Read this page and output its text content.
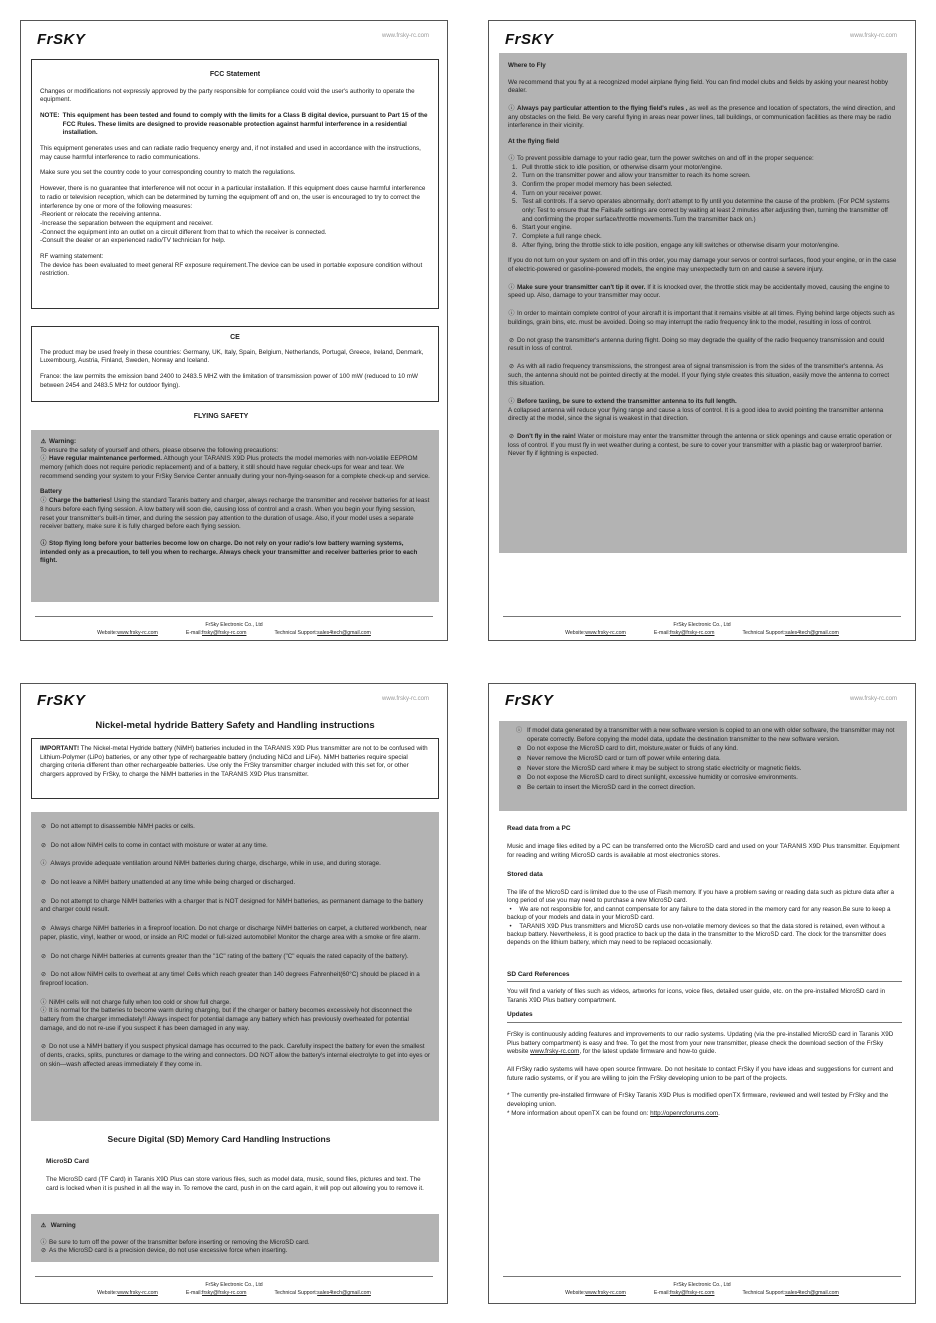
FrSKY	www.frsky-rc.com
FCC Statement

Changes or modifications not expressly approved by the party responsible for compliance could void the user's authority to operate the equipment.

NOTE: This equipment has been tested and found to comply with the limits for a Class B digital device, pursuant to Part 15 of the FCC Rules. These limits are designed to provide reasonable protection against harmful interference in a residential installation.

This equipment generates uses and can radiate radio frequency energy and, if not installed and used in accordance with the instructions, may cause harmful interference to radio communications.

Make sure you set the country code to your corresponding country to match the regulations.

However, there is no guarantee that interference will not occur in a particular installation. If this equipment does cause harmful interference to radio or television reception, which can be determined by turning the equipment off and on, the user is encouraged to try to correct the interference by one or more of the following measures:
-Reorient or relocate the receiving antenna.
-Increase the separation between the equipment and receiver.
-Connect the equipment into an outlet on a circuit different from that to which the receiver is connected.
-Consult the dealer or an experienced radio/TV technician for help.

RF warning statement:
The device has been evaluated to meet general RF exposure requirement.The device can be used in portable exposure condition without restriction.

CE

The product may be used freely in these countries: Germany, UK, Italy, Spain, Belgium, Netherlands, Portugal, Greece, Ireland, Denmark, Luxembourg, Austria, Finland, Sweden, Norway and Iceland.

France: the law permits the emission band 2400 to 2483.5 MHZ with the limitation of transmission power of 100 mW (reduced to 10 mW between 2454 and 2483.5 MHz for outdoor flying).

FLYING SAFETY
⚠ Warning:
To ensure the safety of yourself and others, please observe the following precautions:

ⓘ Have regular maintenance performed. Although your TARANIS X9D Plus protects the model memories with non-volatile EEPROM memory (which does not require periodic replacement) and of a battery, it still should have regular check-ups for wear and tear. We recommend sending your system to your FrSky Service Center annually during your non-flying-season for a complete check-up and service.

Battery

ⓘ Charge the batteries! Using the standard Taranis battery and charger, always recharge the transmitter and receiver batteries for at least 8 hours before each flying session. A low battery will soon die, causing loss of control and a crash. When you begin your flying session, reset your transmitter's built-in timer, and during the session pay attention to the duration of usage. Also, if your model uses a separate receiver battery, make sure it is fully charged before each flying session.

ⓘ Stop flying long before your batteries become low on charge. Do not rely on your radio's low battery warning systems, intended only as a precaution, to tell you when to recharge. Always check your transmitter and receiver batteries prior to each flight.

FrSky Electronic Co., Ltd
Website:www.frsky-rc.com	E-mail:frsky@frsky-rc.com	Technical Support:sales4tech@gmail.com
FrSKY	www.frsky-rc.com
Where to Fly

We recommend that you fly at a recognized model airplane flying field. You can find model clubs and fields by asking your nearest hobby dealer.

ⓘ Always pay particular attention to the flying field's rules , as well as the presence and location of spectators, the wind direction, and any obstacles on the field. Be very careful flying in areas near power lines, tall buildings, or communication facilities as there may be radio interference in their vicinity.

At the flying field
ⓘ To prevent possible damage to your radio gear, turn the power switches on and off in the proper sequence:
1. Pull throttle stick to idle position, or otherwise disarm your motor/engine.
2. Turn on the transmitter power and allow your transmitter to reach its home screen.
3. Confirm the proper model memory has been selected.
4. Turn on your receiver power.
5. Test all controls. If a servo operates abnormally, don't attempt to fly until you determine the cause of the problem. (For PCM systems only: Test to ensure that the Failsafe settings are correct by waiting at least 2 minutes after adjusting then, turning the transmitter off and confirming the proper surface/throttle movements.Turn the transmitter back on.)
6. Start your engine.
7. Complete a full range check.
8. After flying, bring the throttle stick to idle position, engage any kill switches or otherwise disarm your motor/engine.

If you do not turn on your system on and off in this order, you may damage your servos or control surfaces, flood your engine, or in the case of electric-powered or gasoline-powered models, the engine may unexpectedly turn on and cause a severe injury.

ⓘ Make sure your transmitter can't tip it over. If it is knocked over, the throttle stick may be accidentally moved, causing the engine to speed up. Also, damage to your transmitter may occur.

ⓘ In order to maintain complete control of your aircraft it is important that it remains visible at all times. Flying behind large objects such as buildings, grain bins, etc. must be avoided. Doing so may interrupt the radio frequency link to the model, resulting in loss of control.

⊘ Do not grasp the transmitter's antenna during flight. Doing so may degrade the quality of the radio frequency transmission and could result in loss of control.

⊘ As with all radio frequency transmissions, the strongest area of signal transmission is from the sides of the transmitter's antenna. As such, the antenna should not be pointed directly at the model. If your flying style creates this situation, easily move the antenna to correct this situation.

ⓘ Before taxiing, be sure to extend the transmitter antenna to its full length.
A collapsed antenna will reduce your flying range and cause a loss of control. It is a good idea to avoid pointing the transmitter antenna directly at the model, since the signal is weakest in that direction.

⊘ Don't fly in the rain! Water or moisture may enter the transmitter through the antenna or stick openings and cause erratic operation or loss of control. If you must fly in wet weather during a contest, be sure to cover your transmitter with a plastic bag or waterproof barrier. Never fly if lightning is expected.

FrSky Electronic Co., Ltd
Website:www.frsky-rc.com	E-mail:frsky@frsky-rc.com	Technical Support:sales4tech@gmail.com
FrSKY	www.frsky-rc.com
Nickel-metal hydride Battery Safety and Handling instructions
IMPORTANT! The Nickel-metal Hydride battery (NiMH) batteries included in the TARANIS X9D Plus transmitter are not to be confused with Lithium-Polymer (LiPo) batteries, or any other type of rechargeable battery (including NiCd and LiFe). NiMH batteries require special charging criteria different than other rechargeable batteries. Use only the FrSky transmitter charger included with this set for, or other chargers approved by FrSky, to charge the NiMH batteries in the TARANIS X9D Plus transmitter.

⊘ Do not attempt to disassemble NiMH packs or cells.

⊘ Do not allow NiMH cells to come in contact with moisture or water at any time.

ⓘ Always provide adequate ventilation around NiMH batteries during charge, discharge, while in use, and during storage.

⊘ Do not leave a NiMH battery unattended at any time while being charged or discharged.

⊘ Do not attempt to charge NiMH batteries with a charger that is NOT designed for NiMH batteries, as permanent damage to the battery and charger could result.

⊘ Always charge NiMH batteries in a fireproof location. Do not charge or discharge NiMH batteries on carpet, a cluttered workbench, near paper, plastic, vinyl, leather or wood, or inside an R/C model or full-sized automobile! Monitor the charge area with a smoke or fire alarm.

⊘ Do not charge NiMH batteries at currents greater than the "1C" rating of the battery ("C" equals the rated capacity of the battery).

⊘ Do not allow NiMH cells to overheat at any time! Cells which reach greater than 140 degrees Fahrenheit(60°C) should be placed in a fireproof location.

ⓘ NiMH cells will not charge fully when too cold or show full charge.

ⓘ It is normal for the batteries to become warm during charging, but if the charger or battery becomes excessively hot disconnect the battery from the charger immediately!! Always inspect for potential damage any battery which has previously overheated for potential damage, and do not re-use if you suspect it has been damaged in any way.

⊘ Do not use a NiMH battery if you suspect physical damage has occurred to the pack. Carefully inspect the battery for even the smallest of dents, cracks, splits, punctures or damage to the wiring and connectors. DO NOT allow the battery's internal electrolyte to get into eyes or on skin—wash affected areas immediately if they come in.

Secure Digital (SD) Memory Card Handling Instructions
MicroSD Card
The MicroSD card (TF Card) in Taranis X9D Plus can store various files, such as model data, music, sound files, pictures and text. The card is locked when it is pushed in all the way in. To remove the card, push in on the card again, it will pop out allowing you to remove it.
⚠ Warning
ⓘ Be sure to turn off the power of the transmitter before inserting or removing the MicroSD card.
⊘ As the MicroSD card is a precision device, do not use excessive force when inserting.
FrSky Electronic Co., Ltd
Website:www.frsky-rc.com	E-mail:frsky@frsky-rc.com	Technical Support:sales4tech@gmail.com
FrSKY	www.frsky-rc.com
ⓘ If model data generated by a transmitter with a new software version is copied to an one with older software, the transmitter may not operate correctly. Before copying the model data, update the destination transmitter to the new software version.
⊘ Do not expose the MicroSD card to dirt, moisture,water or fluids of any kind.
⊘ Never remove the MicroSD card or turn off power while entering data.
⊘ Never store the MicroSD card where it may be subject to strong static electricity or magnetic fields.
⊘ Do not expose the MicroSD card to direct sunlight, excessive humidity or corrosive environments.
⊘ Be certain to insert the MicroSD card in the correct direction.
Read data from a PC
Music and image files edited by a PC can be transferred onto the MicroSD card and used on your TARANIS X9D Plus transmitter. Equipment for reading and writing MicroSD cards is available at most electronics stores.
Stored data
The life of the MicroSD card is limited due to the use of Flash memory. If you have a problem saving or reading data such as picture data after a long period of use you may need to purchase a new MicroSD card.
• We are not responsible for, and cannot compensate for any failure to the data stored in the memory card for any reason.Be sure to keep a backup of your models and data in your MicroSD card.
• TARANIS X9D Plus transmitters and MicroSD cards use non-volatile memory devices so that the data stored is retained, even without a backup battery. Nevertheless, it is good practice to back up the data in the transmitter to the MicroSD card. The clock for the transmitter does depends on the lithium battery, which may need to be replaced occasionally.
SD Card References
You will find a variety of files such as videos, artworks for icons, voice files, detailed user guide, etc. on the pre-installed MicroSD card in Taranis X9D Plus battery compartment.
Updates

FrSky is continuously adding features and improvements to our radio systems. Updating (via the pre-installed MicroSD card in Taranis X9D Plus battery compartment) is easy and free. To get the most from your new transmitter, please check the download section of the FrSky website www.frsky-rc.com, for the latest update firmware and how-to guide.

All FrSky radio systems will have open source firmware. Do not hesitate to contact FrSky if you have ideas and suggestions for current and future radio systems, or if you are willing to join the FrSky developing union to be part of the projects.

* The currently pre-installed firmware of FrSky Taranis X9D Plus is modified openTX firmware, reviewed and well tested by FrSky and the developing union.
* More information about openTX can be found on: http://openrcforums.com.
FrSky Electronic Co., Ltd
Website:www.frsky-rc.com	E-mail:frsky@frsky-rc.com	Technical Support:sales4tech@gmail.com
